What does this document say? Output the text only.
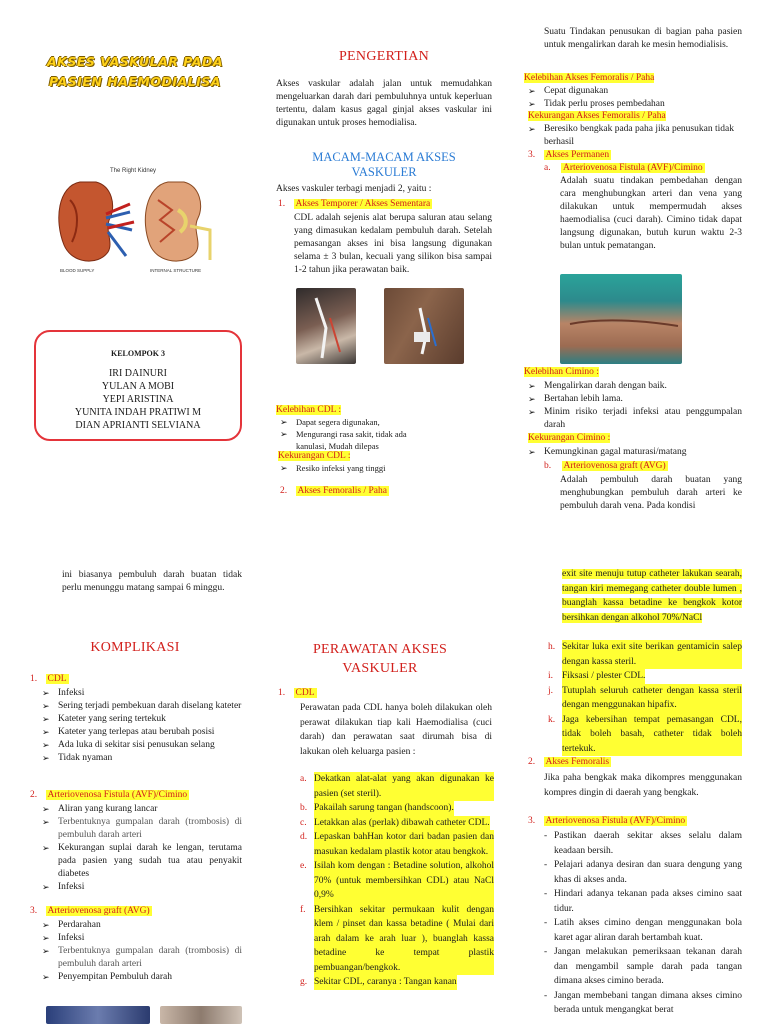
AKSES VASKULAR PADA
PASIEN HAEMODIALISA
The Right Kidney
BLOOD SUPPLY	INTERNAL STRUCTURE
KELOMPOK 3
IRI DAINURI
YULAN A MOBI
YEPI ARISTINA
YUNITA INDAH PRATIWI M
DIAN APRIANTI SELVIANA
PENGERTIAN
Akses vaskular adalah jalan untuk memudahkan mengeluarkan darah dari pembuluhnya untuk keperluan tertentu, dalam kasus gagal ginjal akses vaskular ini digunakan untuk proses hemodialisa.
MACAM-MACAM AKSES VASKULER
Akses vaskuler terbagi menjadi 2, yaitu :
1. Akses Temporer / Akses Sementara
CDL adalah sejenis alat berupa saluran atau selang yang dimasukan kedalam pembuluh darah. Setelah pemasangan akses ini bisa langsung digunakan selama ± 3 bulan, kecuali yang silikon bisa sampai 1-2 tahun jika perawatan baik.
Kelebihan CDL :
➢ Dapat segera digunakan,
➢ Mengurangi rasa sakit, tidak ada kanulasi, Mudah dilepas
Kekurangan CDL :
➢ Resiko infeksi yang tinggi
2. Akses Femoralis / Paha
Suatu Tindakan penusukan di bagian paha pasien untuk mengalirkan darah ke mesin hemodialisis.
Kelebihan Akses Femoralis / Paha
➢ Cepat digunakan
➢ Tidak perlu proses pembedahan
Kekurangan Akses Femoralis / Paha
➢ Beresiko bengkak pada paha jika penusukan tidak berhasil
3. Akses Permanen
a. Arteriovenosa Fistula (AVF)/Cimino
Adalah suatu tindakan pembedahan dengan cara menghubungkan arteri dan vena yang dilakukan untuk mempermudah akses haemodialisa (cuci darah). Cimino tidak dapat langsung digunakan, butuh kurun waktu 2-3 bulan untuk pematangan.
Kelebihan Cimino :
➢ Mengalirkan darah dengan baik.
➢ Bertahan lebih lama.
➢ Minim risiko terjadi infeksi atau penggumpalan darah
Kekurangan Cimino :
➢ Kemungkinan gagal maturasi/matang
b. Arteriovenosa graft (AVG)
Adalah pembuluh darah buatan yang menghubungkan pembuluh darah arteri ke pembuluh darah vena. Pada kondisi
ini biasanya pembuluh darah buatan tidak perlu menunggu matang sampai 6 minggu.
KOMPLIKASI
1. CDL
➢ Infeksi
➢ Sering terjadi pembekuan darah diselang kateter
➢ Kateter yang sering tertekuk
➢ Kateter yang terlepas atau berubah posisi
➢ Ada luka di sekitar sisi penusukan selang
➢ Tidak nyaman
2. Arteriovenosa Fistula (AVF)/Cimino
➢ Aliran yang kurang lancar
➢ Terbentuknya gumpalan darah (trombosis) di pembuluh darah arteri
➢ Kekurangan suplai darah ke lengan, terutama pada pasien yang sudah tua atau penyakit diabetes
➢ Infeksi
3. Arteriovenosa graft (AVG)
➢ Perdarahan
➢ Infeksi
➢ Terbentuknya gumpalan darah (trombosis) di pembuluh darah arteri
➢ Penyempitan Pembuluh darah
PERAWATAN AKSES
VASKULER
1. CDL
Perawatan pada CDL hanya boleh dilakukan oleh perawat dilakukan tiap kali Haemodialisa (cuci darah) dan perawatan saat dirumah bisa di lakukan oleh keluarga pasien :
a. Dekatkan alat-alat yang akan digunakan ke pasien (set steril).
b. Pakailah sarung tangan (handscoon).
c. Letakkan alas (perlak) dibawah catheter CDL.
d. Lepaskan bahHan kotor dari badan pasien dan masukan kedalam plastik kotor atau bengkok.
e. Isilah kom dengan : Betadine solution, alkohol 70% (untuk membersihkan CDL) atau NaCl 0,9%
f. Bersihkan sekitar permukaan kulit dengan klem / pinset dan kassa betadine ( Mulai dari arah dalam ke arah luar ), buanglah kassa betadine ke tempat plastik pembuangan/bengkok.
g. Sekitar CDL, caranya : Tangan kanan
exit site menuju tutup catheter lakukan searah, tangan kiri memegang catheter double lumen , buanglah kassa betadine ke bengkok kotor bersihkan dengan alkohol 70%/NaCl
h. Sekitar luka exit site berikan gentamicin salep dengan kassa steril.
i. Fiksasi / plester CDL.
j. Tutuplah seluruh catheter dengan kassa steril dengan menggunakan hipafix.
k. Jaga kebersihan tempat pemasangan CDL, tidak boleh basah, catheter tidak boleh tertekuk.
2. Akses Femoralis
Jika paha bengkak maka dikompres menggunakan kompres dingin di daerah yang bengkak.
3. Arteriovenosa Fistula (AVF)/Cimino
- Pastikan daerah sekitar akses selalu dalam keadaan bersih.
- Pelajari adanya desiran dan suara dengung yang khas di akses anda.
- Hindari adanya tekanan pada akses cimino saat tidur.
- Latih akses cimino dengan menggunakan bola karet agar aliran darah bertambah kuat.
- Jangan melakukan pemeriksaan tekanan darah dan mengambil sample darah pada tangan dimana akses cimino berada.
- Jangan membebani tangan dimana akses cimino berada untuk mengangkat berat
